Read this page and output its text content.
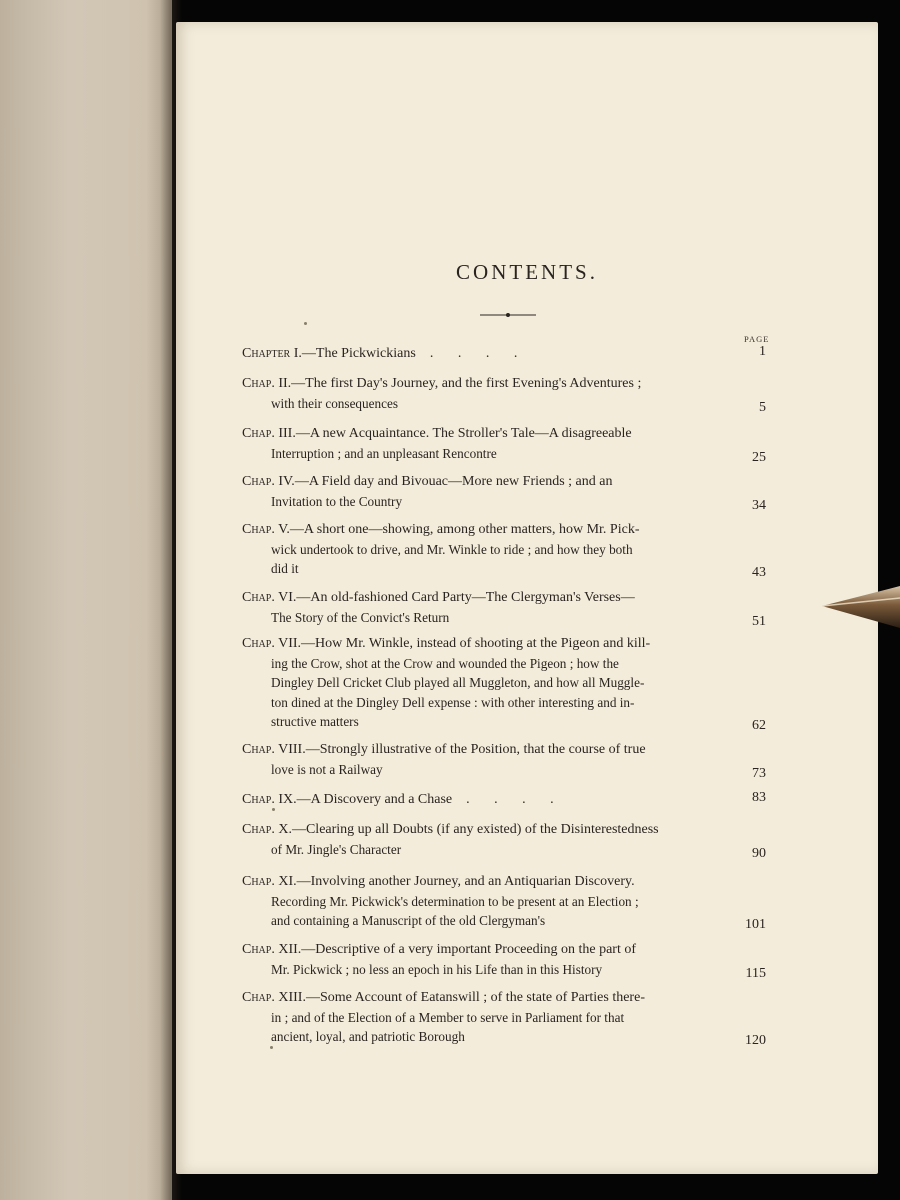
CONTENTS.
PAGE
Chapter I.—The Pickwickians    .       .       .       .	1
Chap. II.—The first Day's Journey, and the first Evening's Adventures ;
with their consequences	5
Chap. III.—A new Acquaintance. The Stroller's Tale—A disagreeable
Interruption ; and an unpleasant Rencontre	25
Chap. IV.—A Field day and Bivouac—More new Friends ; and an
Invitation to the Country	34
Chap. V.—A short one—showing, among other matters, how Mr. Pick-
wick undertook to drive, and Mr. Winkle to ride ; and how they both
did it	43
Chap. VI.—An old-fashioned Card Party—The Clergyman's Verses—
The Story of the Convict's Return	51
Chap. VII.—How Mr. Winkle, instead of shooting at the Pigeon and kill-
ing the Crow, shot at the Crow and wounded the Pigeon ; how the
Dingley Dell Cricket Club played all Muggleton, and how all Muggle-
ton dined at the Dingley Dell expense : with other interesting and in-
structive matters	62
Chap. VIII.—Strongly illustrative of the Position, that the course of true
love is not a Railway	73
Chap. IX.—A Discovery and a Chase    .       .       .       .	83
Chap. X.—Clearing up all Doubts (if any existed) of the Disinterestedness
of Mr. Jingle's Character	90
Chap. XI.—Involving another Journey, and an Antiquarian Discovery.
Recording Mr. Pickwick's determination to be present at an Election ;
and containing a Manuscript of the old Clergyman's	101
Chap. XII.—Descriptive of a very important Proceeding on the part of
Mr. Pickwick ; no less an epoch in his Life than in this History	115
Chap. XIII.—Some Account of Eatanswill ; of the state of Parties there-
in ; and of the Election of a Member to serve in Parliament for that
ancient, loyal, and patriotic Borough	120
